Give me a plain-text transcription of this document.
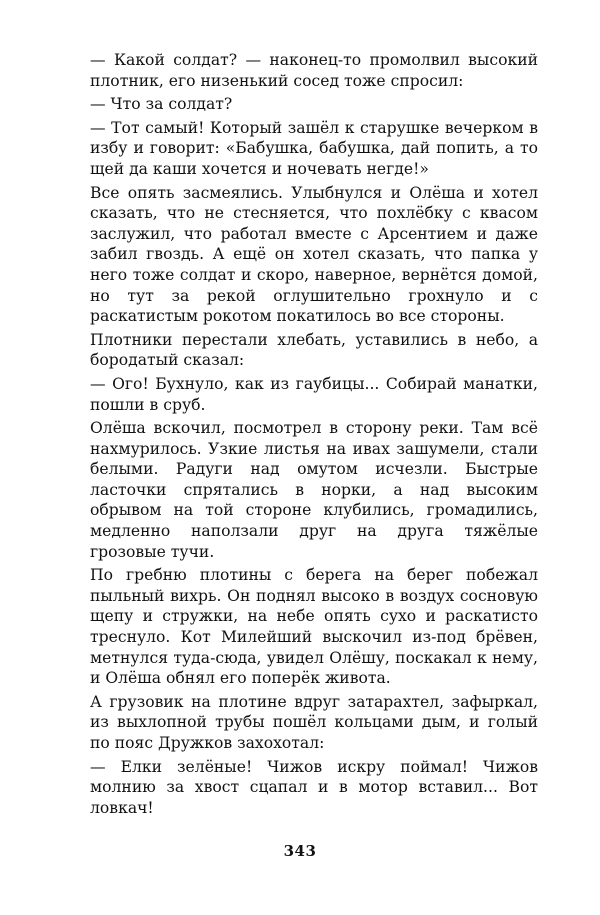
— Какой солдат? — наконец-то промолвил высокий плотник, его низенький сосед тоже спросил:

— Что за солдат?

— Тот самый! Который зашёл к старушке вечерком в избу и говорит: «Бабушка, бабушка, дай попить, а то щей да каши хочется и ночевать негде!»

Все опять засмеялись. Улыбнулся и Олёша и хотел сказать, что не стесняется, что похлёбку с квасом заслужил, что работал вместе с Арсентием и даже забил гвоздь. А ещё он хотел сказать, что папка у него тоже солдат и скоро, наверное, вернётся домой, но тут за рекой оглушительно грохнуло и с раскатистым рокотом покатилось во все стороны.

Плотники перестали хлебать, уставились в небо, а бородатый сказал:

— Ого! Бухнуло, как из гаубицы... Собирай манатки, пошли в сруб.

Олёша вскочил, посмотрел в сторону реки. Там всё нахмурилось. Узкие листья на ивах зашумели, стали белыми. Радуги над омутом исчезли. Быстрые ласточки спрятались в норки, а над высоким обрывом на той стороне клубились, громадились, медленно наползали друг на друга тяжёлые грозовые тучи.

По гребню плотины с берега на берег побежал пыльный вихрь. Он поднял высоко в воздух сосновую щепу и стружки, на небе опять сухо и раскатисто треснуло. Кот Милейший выскочил из-под брёвен, метнулся туда-сюда, увидел Олёшу, поскакал к нему, и Олёша обнял его поперёк живота.

А грузовик на плотине вдруг затарахтел, зафыркал, из выхлопной трубы пошёл кольцами дым, и голый по пояс Дружков захохотал:

— Елки зелёные! Чижов искру поймал! Чижов молнию за хвост сцапал и в мотор вставил... Вот ловкач!

343
